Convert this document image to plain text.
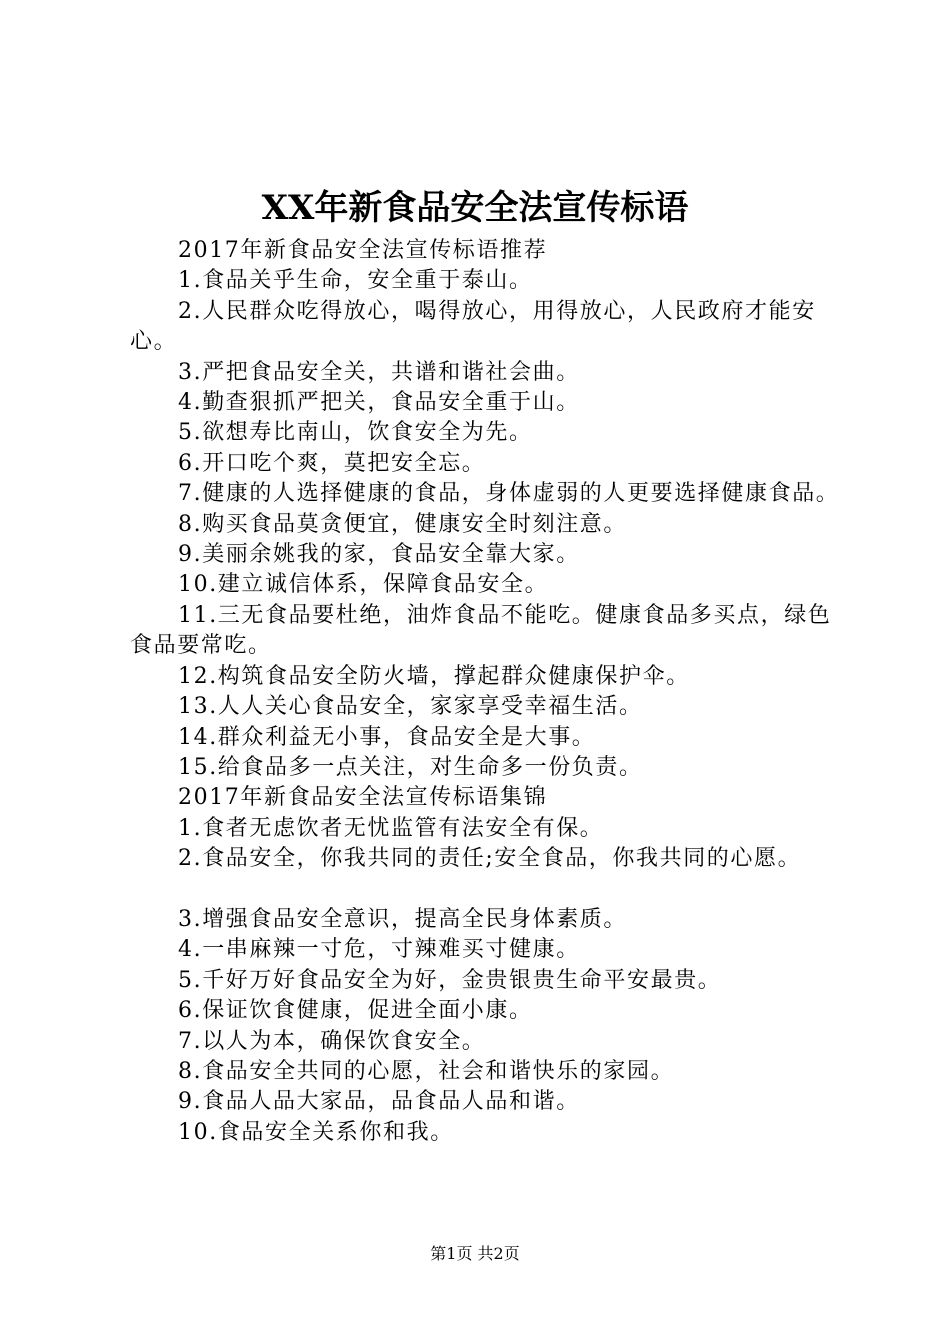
XX年新食品安全法宣传标语

2017年新食品安全法宣传标语推荐

1.食品关乎生命，安全重于泰山。

2.人民群众吃得放心，喝得放心，用得放心，人民政府才能安心。

3.严把食品安全关，共谱和谐社会曲。

4.勤查狠抓严把关，食品安全重于山。

5.欲想寿比南山，饮食安全为先。

6.开口吃个爽，莫把安全忘。

7.健康的人选择健康的食品，身体虚弱的人更要选择健康食品。

8.购买食品莫贪便宜，健康安全时刻注意。

9.美丽余姚我的家，食品安全靠大家。

10.建立诚信体系，保障食品安全。

11.三无食品要杜绝，油炸食品不能吃。健康食品多买点，绿色食品要常吃。

12.构筑食品安全防火墙，撑起群众健康保护伞。

13.人人关心食品安全，家家享受幸福生活。

14.群众利益无小事，食品安全是大事。

15.给食品多一点关注，对生命多一份负责。

2017年新食品安全法宣传标语集锦

1.食者无虑饮者无忧监管有法安全有保。

2.食品安全，你我共同的责任;安全食品，你我共同的心愿。

3.增强食品安全意识，提高全民身体素质。

4.一串麻辣一寸危，寸辣难买寸健康。

5.千好万好食品安全为好，金贵银贵生命平安最贵。

6.保证饮食健康，促进全面小康。

7.以人为本，确保饮食安全。

8.食品安全共同的心愿，社会和谐快乐的家园。

9.食品人品大家品，品食品人品和谐。

10.食品安全关系你和我。

第1页 共2页
